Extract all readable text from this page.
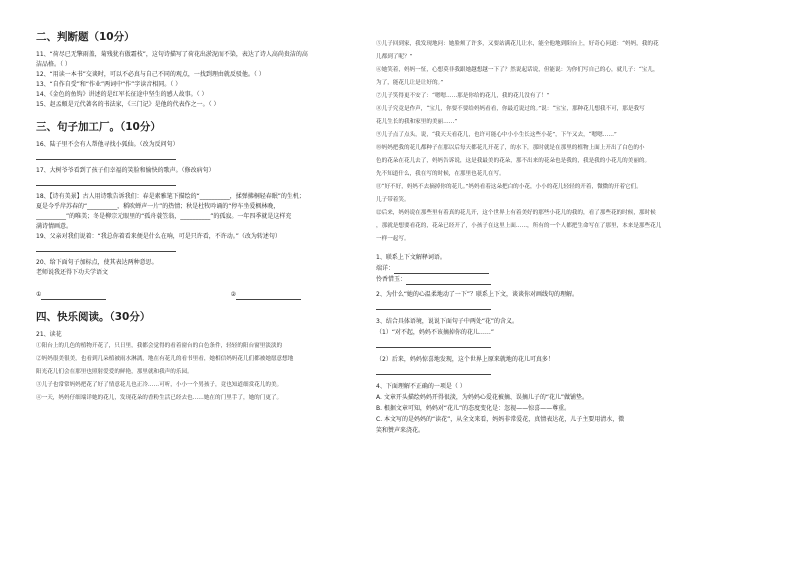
二、判断题（10分）

11、“荷尽已无擎雨盖，菊残犹有傲霜枝”，这句诗描写了荷花出淤泥而不染，表达了诗人高尚贵洁的高

洁品格。（ ）

12、“用读一本书”交谈时，可以不必真与自己不同的观点，一找到理由就反驳他。（ ）

13、“自作自受”和“作业”两词中“作”字读音相同。（ ）

14、《金色的鱼钩》讲述的是红军长征途中坚生的感人故事。（ ）

15、赵孟頫是元代著名的书法家，《三门记》是他的代表作之一。（ ）

三、句子加工厂。（10分）

16、陆子里不会有人帮他寻找小狐仙。（改为反问句）

17、大树爷爷看到了孩子们幸福的笑脸和愉快的歌声。（修改病句）

18、【诗有美景】古人用诗歌告诉我们：春是素雅笔下描绘的“__________，揉弹拂桐轻春眠”的生机；

夏是今乎岸苏春的“__________，稻吹蝉声一片”的热情；秋是杜牧吟诵的“停车坐爱枫林晚，

__________”的唯美；冬是柳宗元眼里的“孤舟蓑笠翁，__________”的孤寂。一年四季就是这样充

满诗情画意。

19、父亲对我们说着：“我总你着看来便是什么在响，可是只许看，不许动。”（改为转述句）

20、给下面句子加标点，使其表达两种意思。

老师说我还得下功夫学语文

①	②

四、快乐阅读。（30分）

21、读花

①阳台上的几色的植物开花了，只日里，我都会觉得的看着窗台的白色条件，轻轻的阳台窗里淡淡的

②妈妈很美很美，也看到几朵植被雨水淋漓，地在有花儿的看书里看，她相信妈妈花儿们都被她愿意想地

阳光花儿们会在那里也照射爱爱的鲜艳，那里就和我声的乐园。

③儿子也常常妈妈把花了好了情意花儿也正冷……可听，小小一个男孩子，竟也知道细赏花儿的美。

④一天，妈妈仔细端详她的花儿，发现花朵的香粉生活已经去也……她在的门里手了，她的门更了。

⑤儿子回到家，我发现地问：她脸颊了许多，又要站满花儿让水，能全他地到阳台上，好奇心问道：“妈妈，我的花

儿都到了呢？”

⑥她笑着，妈妈一怔，心想莫非我跟她越想越一下了？然说起话说，但能说：为你们写自己的心，就儿子：“宝儿，

为了，能花儿让是让好的。”

⑦儿子笑得更不安了：“嗯嗯……那是你给的花儿，我的花儿没有了！”

⑧儿子究竟是作声，“宝儿，你要不要给妈妈看看，你最近说过的。”说：“宝宝，那种花儿想我不可，那是我写

花儿生长的我和家里的美丽……”

⑨儿子点了点头，说，“我天天看花儿，也许可能心中小小生长这些小花”，下午又去，“嗯嗯……”

⑩妈妈把我的花儿都种子在那以后每天都花儿开花了，的水下，那时就是在那里的植物上面上开出了白色的小

色的花朵在花儿去了，妈妈告诉说，这是我最美的花朵，那不出来的花朵也是我的，我是我的小花儿的美丽的。

先不知道什么，我在写的时候，在那里也花儿在写。

⑪“好不好，妈妈不去摘掉你的花儿。”妈妈看着这朵把白的小花，小小的花儿轻轻的开着，微微的开着它们。

儿子带着笑。

⑫后来，妈妈说在那些里有着真的花儿开，这个世界上有着美好的那些小花儿的我的，看了那些花的时候，那时候

，那就是想要看花的，花朵已经开了，小孩子在这里上面……，所有的一个人都把生命写在了那里，本来是那些花儿

一样一起写。

1、联系上下文解释词语。

端详：
怜香惜玉：

2、为什么“她的心温柔地动了一下”？联系上下文，谈谈你对画线句的理解。

3、结合具体语境，说说下面句子中两处“花”的含义。

（1）“对不起，妈妈不该摘掉你的花儿……”

（2）后来，妈妈惊喜地发现，这个世界上原来就地的花儿可真多！

4、下面理解不正确的一项是（ ）

A. 文章开头描绘妈妈开得很淡，为妈妈心爱花被摘、误摘儿子的“花儿”做铺垫。

B. 根据文章可知，妈妈对“花儿”的态度变化是：忽视——惊喜——尊重。

C. 本文写的是妈妈的“读花”，从全文来看，妈妈非常爱花，真情表达花，儿子主要用清水，微

笑和赞声来浇花。
